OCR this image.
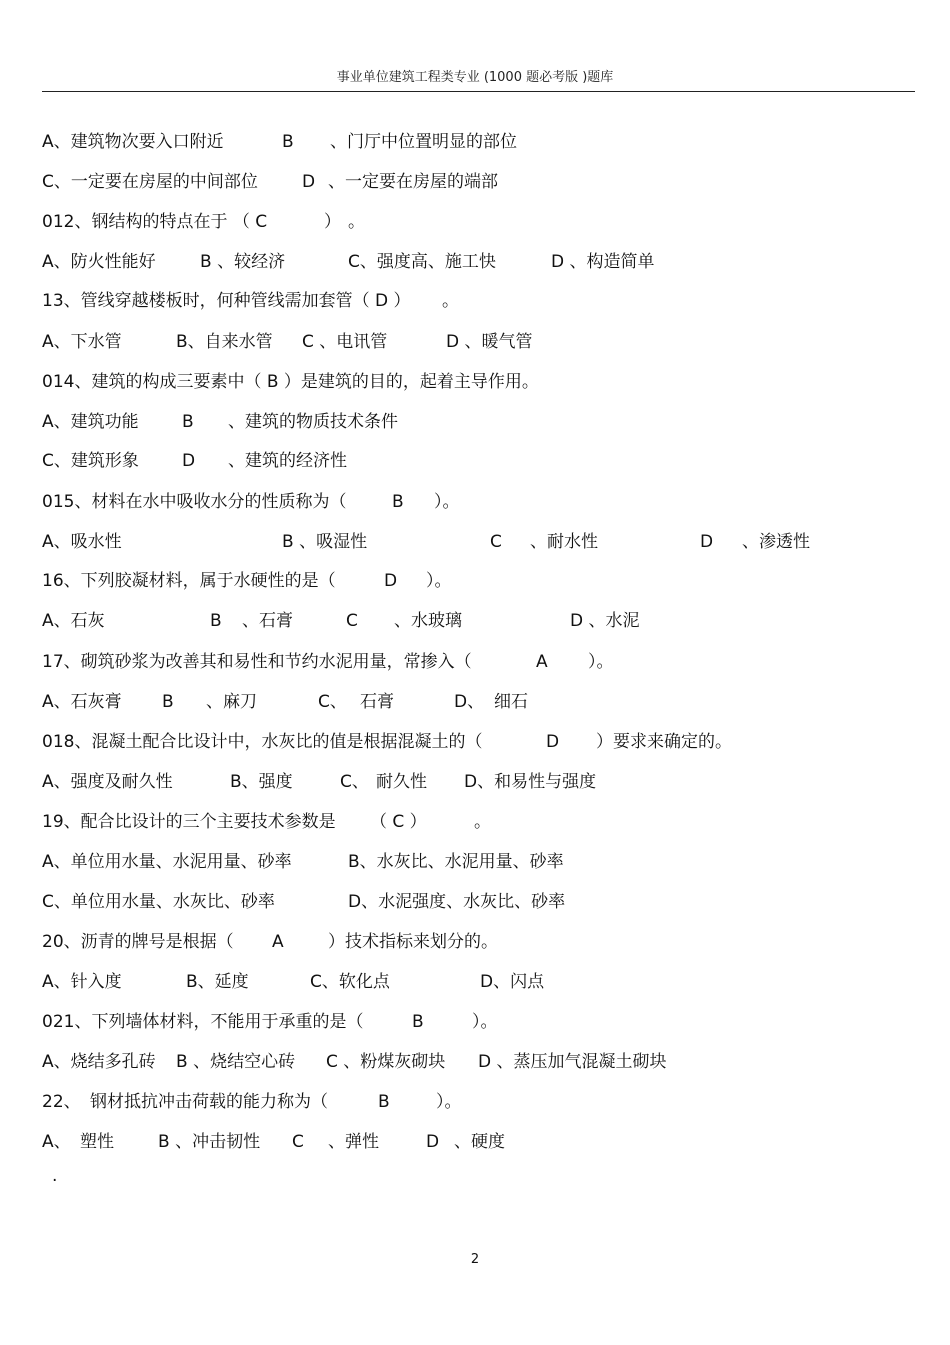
事业单位建筑工程类专业 (1000 题必考版 )题库
A、建筑物次要入口附近	B 、门厅中位置明显的部位
C、一定要在房屋的中间部位	D 、一定要在房屋的端部
012、钢结构的特点在于 （ C	） 。
A、防火性能好	B 、较经济	C、强度高、施工快	D 、构造简单
13、管线穿越楼板时，何种管线需加套管（ D ） 。
A、下水管	B、自来水管 C 、电讯管	D 、暖气管
014、建筑的构成三要素中（ B ）是建筑的目的，起着主导作用。
A、建筑功能	B 、建筑的物质技术条件
C、建筑形象	D 、建筑的经济性
015、材料在水中吸收水分的性质称为（	B ）。
A、吸水性	B 、吸湿性	C 、耐水性	D 、渗透性
16、下列胶凝材料，属于水硬性的是（	D ）。
A、石灰	B 、石膏	C 、水玻璃	D 、水泥
17、砌筑砂浆为改善其和易性和节约水泥用量，常掺入（	A ）。
A、石灰膏 B 、麻刀	C、 石膏	D、 细石
018、混凝土配合比设计中，水灰比的值是根据混凝土的（	D ）要求来确定的。
A、强度及耐久性	B、强度	C、 耐久性 D、和易性与强度
19、配合比设计的三个主要技术参数是 （ C ）	。
A、单位用水量、水泥用量、砂率	B、水灰比、水泥用量、砂率
C、单位用水量、水灰比、砂率	D、水泥强度、水灰比、砂率
20、沥青的牌号是根据（ A	）技术指标来划分的。
A、针入度	B、延度	C、软化点	D、闪点
021、下列墙体材料，不能用于承重的是（	B	）。
A、烧结多孔砖 B 、烧结空心砖 C 、粉煤灰砌块 D 、蒸压加气混凝土砌块
22、 钢材抵抗冲击荷载的能力称为（	B	）。
A、 塑性	B 、冲击韧性 C 、弹性	D 、硬度
.
2
